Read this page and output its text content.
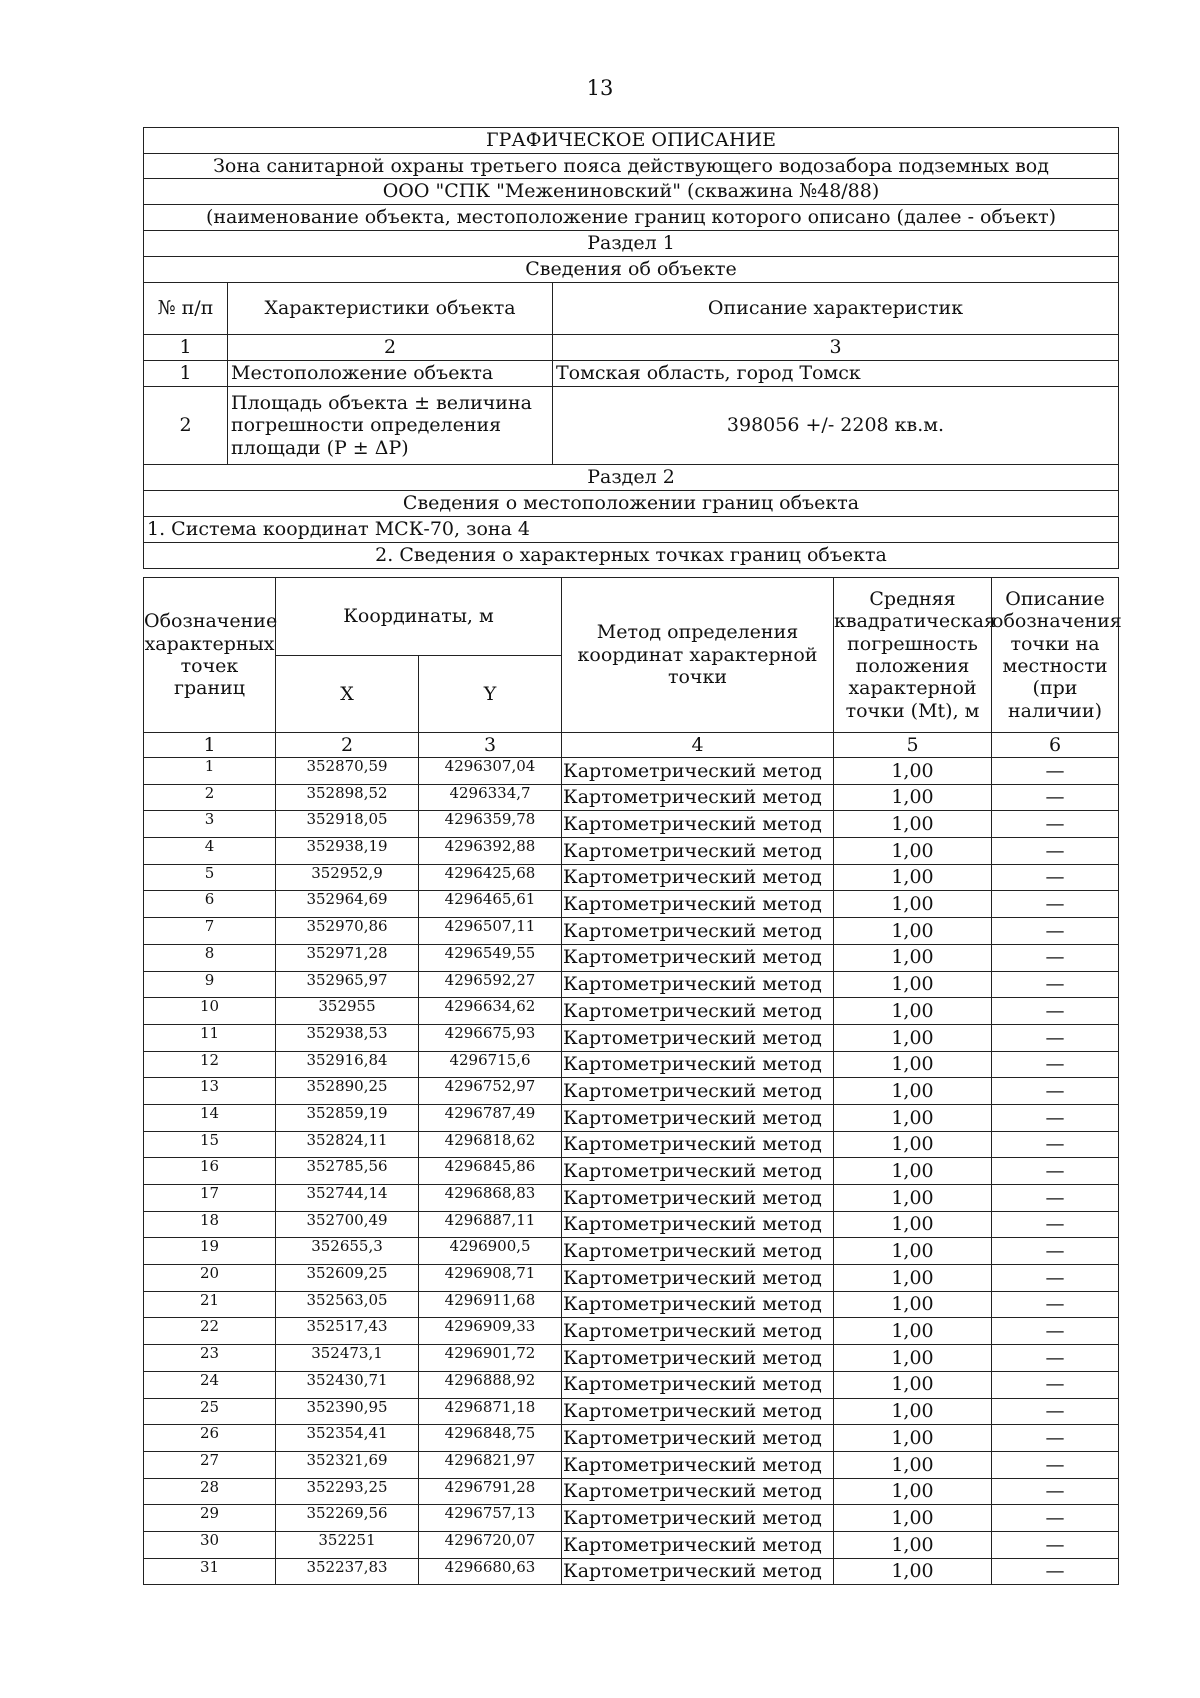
13
ГРАФИЧЕСКОЕ ОПИСАНИЕ		
Зона санитарной охраны третьего пояса действующего водозабора подземных вод		
ООО "СПК "Межениновский" (скважина №48/88)		
(наименование объекта, местоположение границ которого описано (далее - объект)		
Раздел 1		
Сведения об объекте		
№ п/п	Характеристики объекта	Описание характеристик
1	2	3
1	Местоположение объекта	Томская область, город Томск
2	Площадь объекта ± величина погрешности определения площади (Р ± ΔР)	398056 +/- 2208 кв.м.
Раздел 2		
Сведения о местоположении границ объекта		
1. Система координат МСК-70, зона 4		
2. Сведения о характерных точках границ объекта		
Обозначение характерных точек границ	Координаты, м		Метод определения координат характерной точки	Средняя квадратическая погрешность положения характерной точки (Mt), м	Описание обозначения точки на местности (при наличии)
	X	Y			
1	2	3	4	5	6
1	352870,59	4296307,04	Картометрический метод	1,00	—
2	352898,52	4296334,7	Картометрический метод	1,00	—
3	352918,05	4296359,78	Картометрический метод	1,00	—
4	352938,19	4296392,88	Картометрический метод	1,00	—
5	352952,9	4296425,68	Картометрический метод	1,00	—
6	352964,69	4296465,61	Картометрический метод	1,00	—
7	352970,86	4296507,11	Картометрический метод	1,00	—
8	352971,28	4296549,55	Картометрический метод	1,00	—
9	352965,97	4296592,27	Картометрический метод	1,00	—
10	352955	4296634,62	Картометрический метод	1,00	—
11	352938,53	4296675,93	Картометрический метод	1,00	—
12	352916,84	4296715,6	Картометрический метод	1,00	—
13	352890,25	4296752,97	Картометрический метод	1,00	—
14	352859,19	4296787,49	Картометрический метод	1,00	—
15	352824,11	4296818,62	Картометрический метод	1,00	—
16	352785,56	4296845,86	Картометрический метод	1,00	—
17	352744,14	4296868,83	Картометрический метод	1,00	—
18	352700,49	4296887,11	Картометрический метод	1,00	—
19	352655,3	4296900,5	Картометрический метод	1,00	—
20	352609,25	4296908,71	Картометрический метод	1,00	—
21	352563,05	4296911,68	Картометрический метод	1,00	—
22	352517,43	4296909,33	Картометрический метод	1,00	—
23	352473,1	4296901,72	Картометрический метод	1,00	—
24	352430,71	4296888,92	Картометрический метод	1,00	—
25	352390,95	4296871,18	Картометрический метод	1,00	—
26	352354,41	4296848,75	Картометрический метод	1,00	—
27	352321,69	4296821,97	Картометрический метод	1,00	—
28	352293,25	4296791,28	Картометрический метод	1,00	—
29	352269,56	4296757,13	Картометрический метод	1,00	—
30	352251	4296720,07	Картометрический метод	1,00	—
31	352237,83	4296680,63	Картометрический метод	1,00	—
